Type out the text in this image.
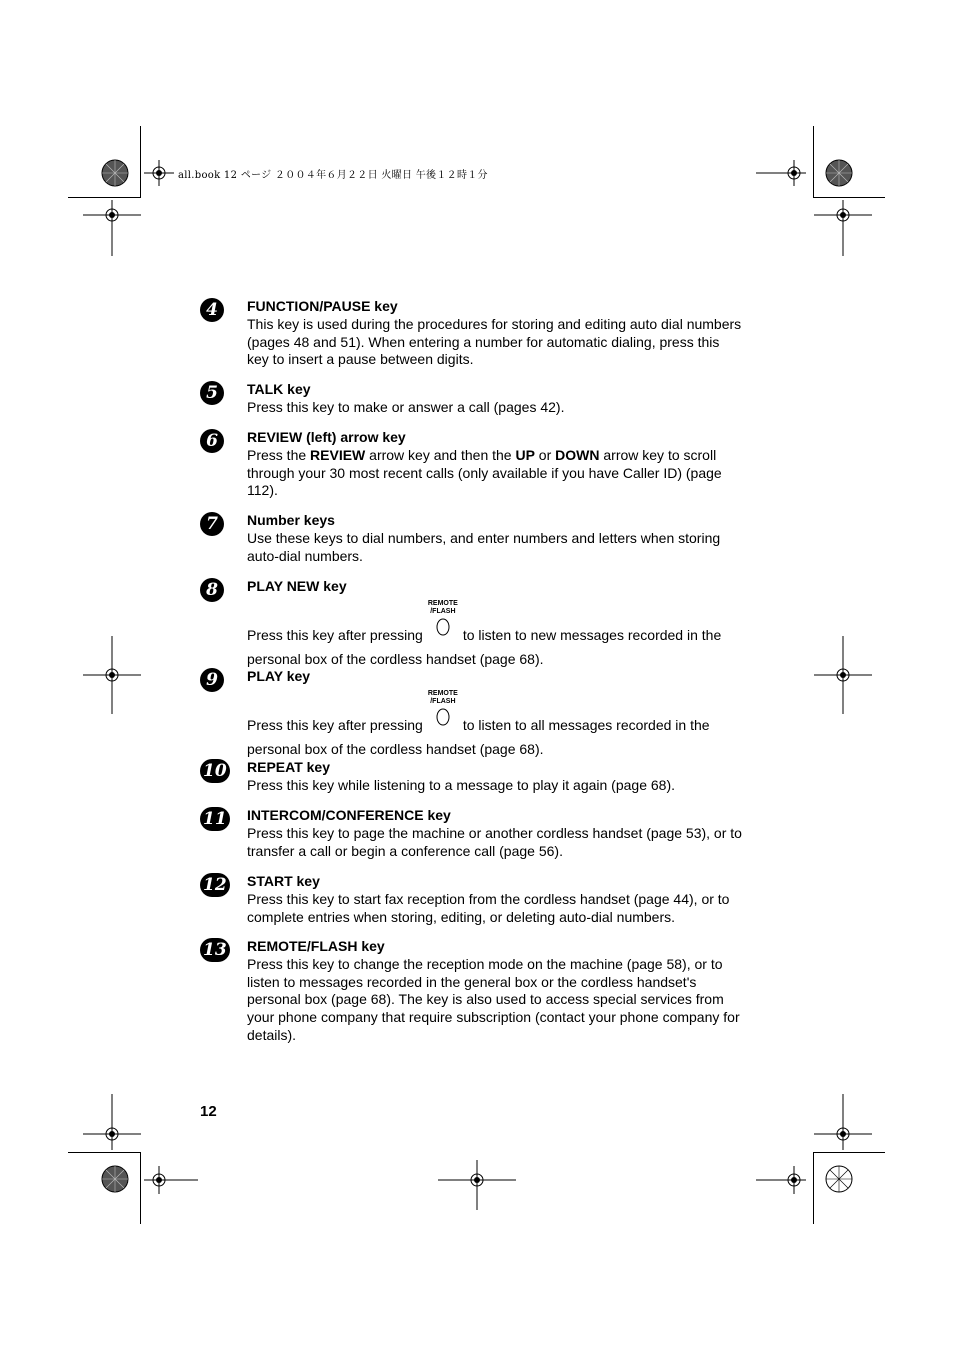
all.book 12 ページ ２００４年６月２２日 火曜日 午後１２時１分
4	FUNCTION/PAUSE key
This key is used during the procedures for storing and editing auto dial numbers (pages 48 and 51). When entering a number for automatic dialing, press this key to insert a pause between digits.
5	TALK key
Press this key to make or answer a call (pages 42).
6	REVIEW (left) arrow key
Press the REVIEW arrow key and then the UP or DOWN arrow key to scroll through your 30 most recent calls (only available if you have Caller ID) (page 112).
7	Number keys
Use these keys to dial numbers, and enter numbers and letters when storing auto-dial numbers.
8	PLAY NEW key
Press this key after pressing
REMOTE
/FLASH
to listen to new messages recorded in the personal box of the cordless handset (page 68).
9	PLAY key
Press this key after pressing
REMOTE
/FLASH
to listen to all messages recorded in the personal box of the cordless handset (page 68).
10 REPEAT key
Press this key while listening to a message to play it again (page 68).
11 INTERCOM/CONFERENCE key
Press this key to page the machine or another cordless handset (page 53), or to transfer a call or begin a conference call (page 56).
12 START key
Press this key to start fax reception from the cordless handset (page 44), or to complete entries when storing, editing, or deleting auto-dial numbers.
13 REMOTE/FLASH key
Press this key to change the reception mode on the machine (page 58), or to listen to messages recorded in the general box or the cordless handset's personal box (page 68). The key is also used to access special services from your phone company that require subscription (contact your phone company for details).
12
